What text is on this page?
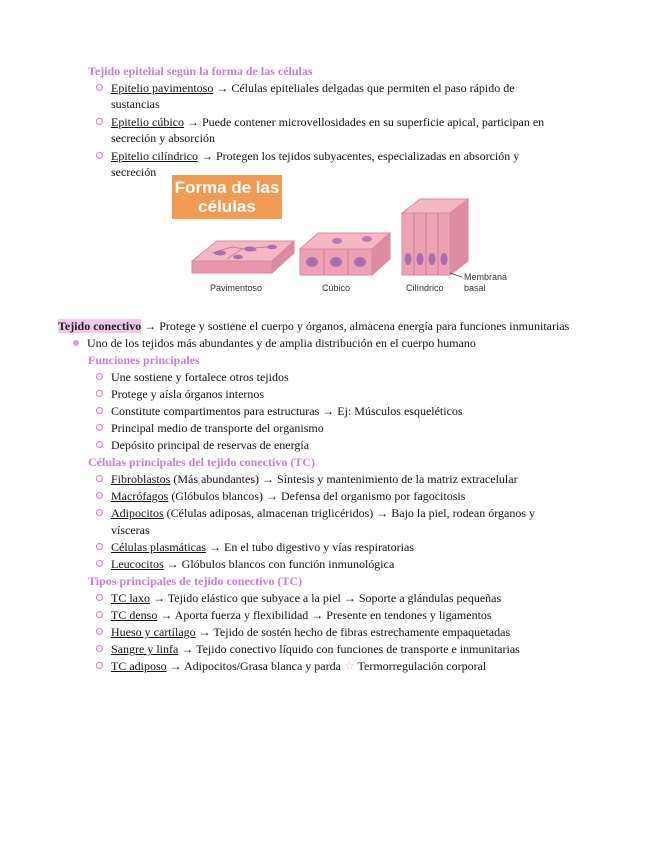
Tejido epitelial según la forma de las células
Epitelio pavimentoso → Células epiteliales delgadas que permiten el paso rápido de
sustancias
Epitelio cúbico → Puede contener microvellosidades en su superficie apical, participan en
secreción y absorción
Epitelio cilíndrico → Protegen los tejidos subyacentes, especializadas en absorción y
secreción
Forma de las células
Pavimentoso	Cúbico	Cilíndrico
Membrana
basal
Tejido conectivo → Protege y sostiene el cuerpo y órganos, almacena energía para funciones inmunitarias
Uno de los tejidos más abundantes y de amplia distribución en el cuerpo humano
Funciones principales
Une sostiene y fortalece otros tejidos
Protege y aísla órganos internos
Constitute compartimentos para estructuras → Ej: Músculos esqueléticos
Principal medio de transporte del organismo
Depósito principal de reservas de energía
Células principales del tejido conectivo (TC)
Fibroblastos (Más abundantes) → Síntesis y mantenimiento de la matriz extracelular
Macrófagos (Glóbulos blancos) → Defensa del organismo por fagocitosis
Adipocitos (Células adiposas, almacenan triglicéridos) → Bajo la piel, rodean órganos y
vísceras
Células plasmáticas → En el tubo digestivo y vías respiratorias
Leucocitos → Glóbulos blancos con función inmunológica
Tipos principales de tejido conectivo (TC)
TC laxo → Tejido elástico que subyace a la piel → Soporte a glándulas pequeñas
TC denso → Aporta fuerza y flexibilidad → Presente en tendones y ligamentos
Hueso y cartílago → Tejido de sostén hecho de fibras estrechamente empaquetadas
Sangre y linfa → Tejido conectivo líquido con funciones de transporte e inmunitarias
TC adiposo → Adipocitos/Grasa blanca y parda ☆ Termorregulación corporal
